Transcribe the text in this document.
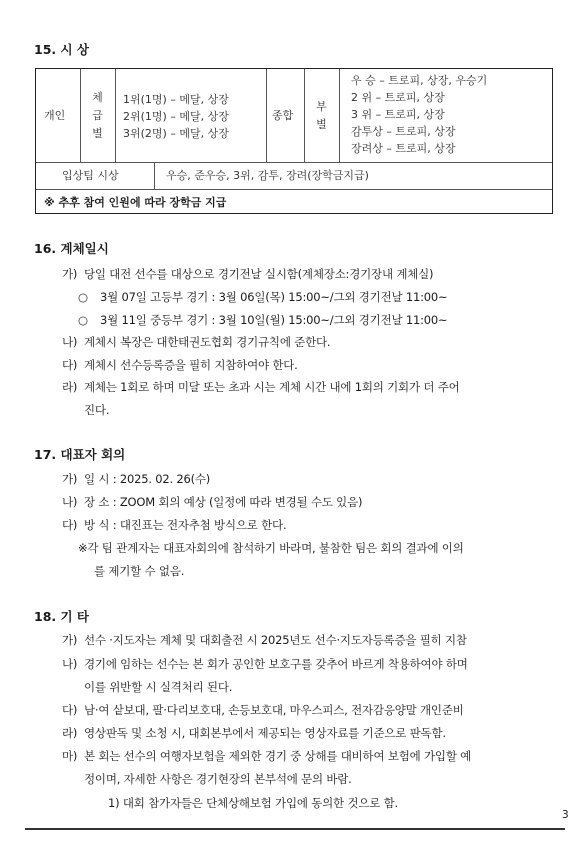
15. 시 상
개인
체
급
별
1위(1명) – 메달, 상장
2위(1명) – 메달, 상장
3위(2명) – 메달, 상장
종합
부
별
우 승 – 트로피, 상장, 우승기
2 위 – 트로피, 상장
3 위 – 트로피, 상장
감투상 – 트로피, 상장
장려상 – 트로피, 상장
입상팀 시상	우승, 준우승, 3위, 감투, 장려(장학금지급)
※ 추후 참여 인원에 따라 장학금 지급
16. 계체일시
가) 당일 대전 선수를 대상으로 경기전날 실시함(계체장소:경기장내 계체실)
○ 3월 07일 고등부 경기 : 3월 06일(목) 15:00~/그외 경기전날 11:00~
○ 3월 11일 중등부 경기 : 3월 10일(월) 15:00~/그외 경기전날 11:00~
나) 계체시 복장은 대한태권도협회 경기규칙에 준한다.
다) 계체시 선수등록증을 필히 지참하여야 한다.
라) 계체는 1회로 하며 미달 또는 초과 시는 계체 시간 내에 1회의 기회가 더 주어
진다.
17. 대표자 회의
가) 일 시 : 2025. 02. 26(수)
나) 장 소 : ZOOM 회의 예상 (일정에 따라 변경될 수도 있음)
다) 방 식 : 대진표는 전자추첨 방식으로 한다.
※각 팀 관계자는 대표자회의에 참석하기 바라며, 불참한 팀은 회의 결과에 이의
를 제기할 수 없음.
18. 기 타
가) 선수 ·지도자는 계체 및 대회출전 시 2025년도 선수·지도자등록증을 필히 지참
나) 경기에 임하는 선수는 본 회가 공인한 보호구를 갖추어 바르게 착용하여야 하며
이를 위반할 시 실격처리 된다.
다) 남·여 샅보대, 팔·다리보호대, 손등보호대, 마우스피스, 전자감응양말 개인준비
라) 영상판독 및 소청 시, 대회본부에서 제공되는 영상자료를 기준으로 판독함.
마) 본 회는 선수의 여행자보험을 제외한 경기 중 상해를 대비하여 보험에 가입할 예
정이며, 자세한 사항은 경기현장의 본부석에 문의 바람.
1) 대회 참가자들은 단체상해보험 가입에 동의한 것으로 함.
3
